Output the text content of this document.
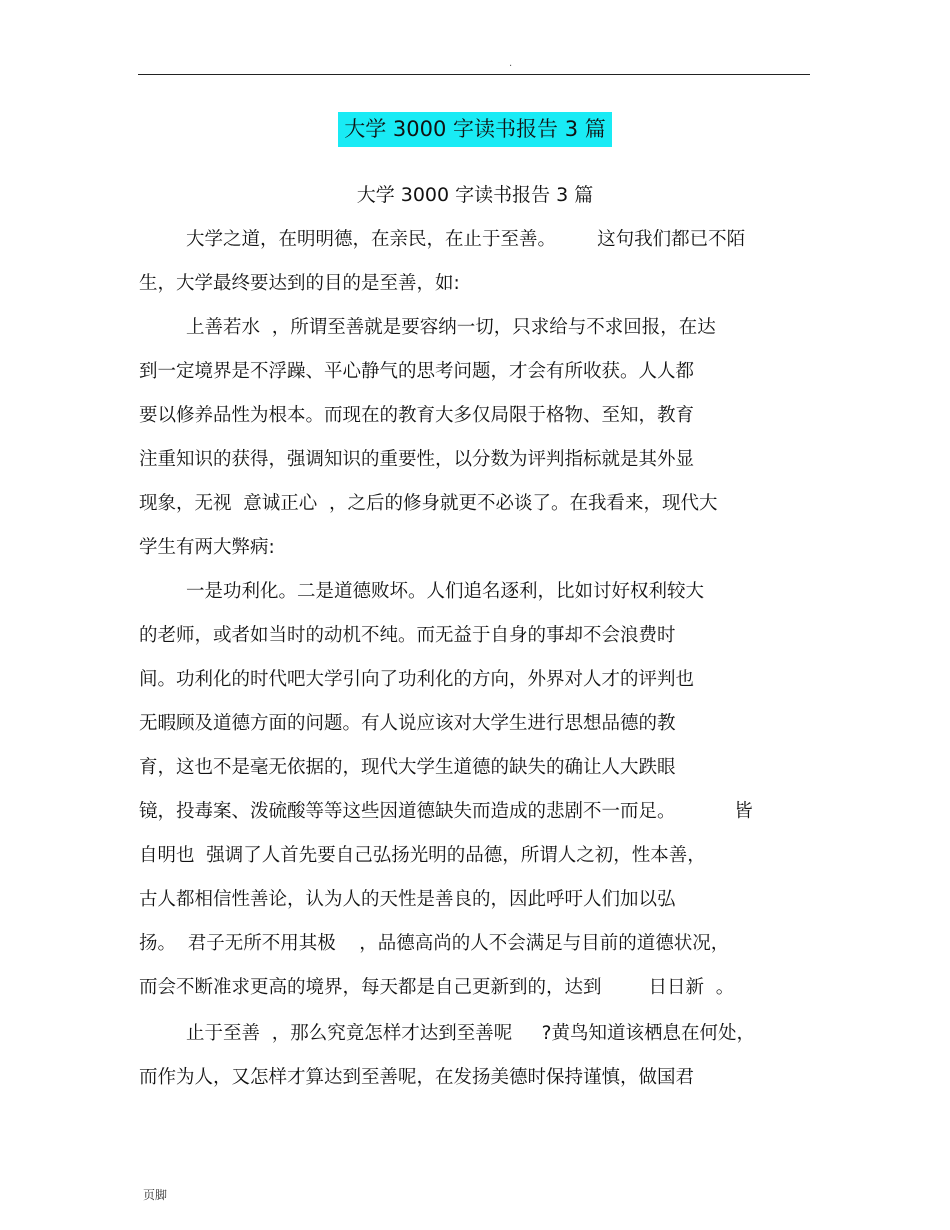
.
大学 3000 字读书报告 3 篇
大学 3000 字读书报告 3 篇
大学之道，在明明德，在亲民，在止于至善。       这句我们都已不陌
生，大学最终要达到的目的是至善，如:
上善若水  ，所谓至善就是要容纳一切，只求给与不求回报，在达
到一定境界是不浮躁、平心静气的思考问题，才会有所收获。人人都
要以修养品性为根本。而现在的教育大多仅局限于格物、至知，教育
注重知识的获得，强调知识的重要性，以分数为评判指标就是其外显
现象，无视  意诚正心  ，之后的修身就更不必谈了。在我看来，现代大
学生有两大弊病:
一是功利化。二是道德败坏。人们追名逐利，比如讨好权利较大
的老师，或者如当时的动机不纯。而无益于自身的事却不会浪费时
间。功利化的时代吧大学引向了功利化的方向，外界对人才的评判也
无暇顾及道德方面的问题。有人说应该对大学生进行思想品德的教
育，这也不是毫无依据的，现代大学生道德的缺失的确让人大跌眼
镜，投毒案、泼硫酸等等这些因道德缺失而造成的悲剧不一而足。          皆
自明也  强调了人首先要自己弘扬光明的品德，所谓人之初，性本善，
古人都相信性善论，认为人的天性是善良的，因此呼吁人们加以弘
扬。  君子无所不用其极    ，品德高尚的人不会满足与目前的道德状况，
而会不断准求更高的境界，每天都是自己更新到的，达到        日日新  。
止于至善  ，那么究竟怎样才达到至善呢     ?黄鸟知道该栖息在何处，
而作为人，又怎样才算达到至善呢，在发扬美德时保持谨慎，做国君
页脚
